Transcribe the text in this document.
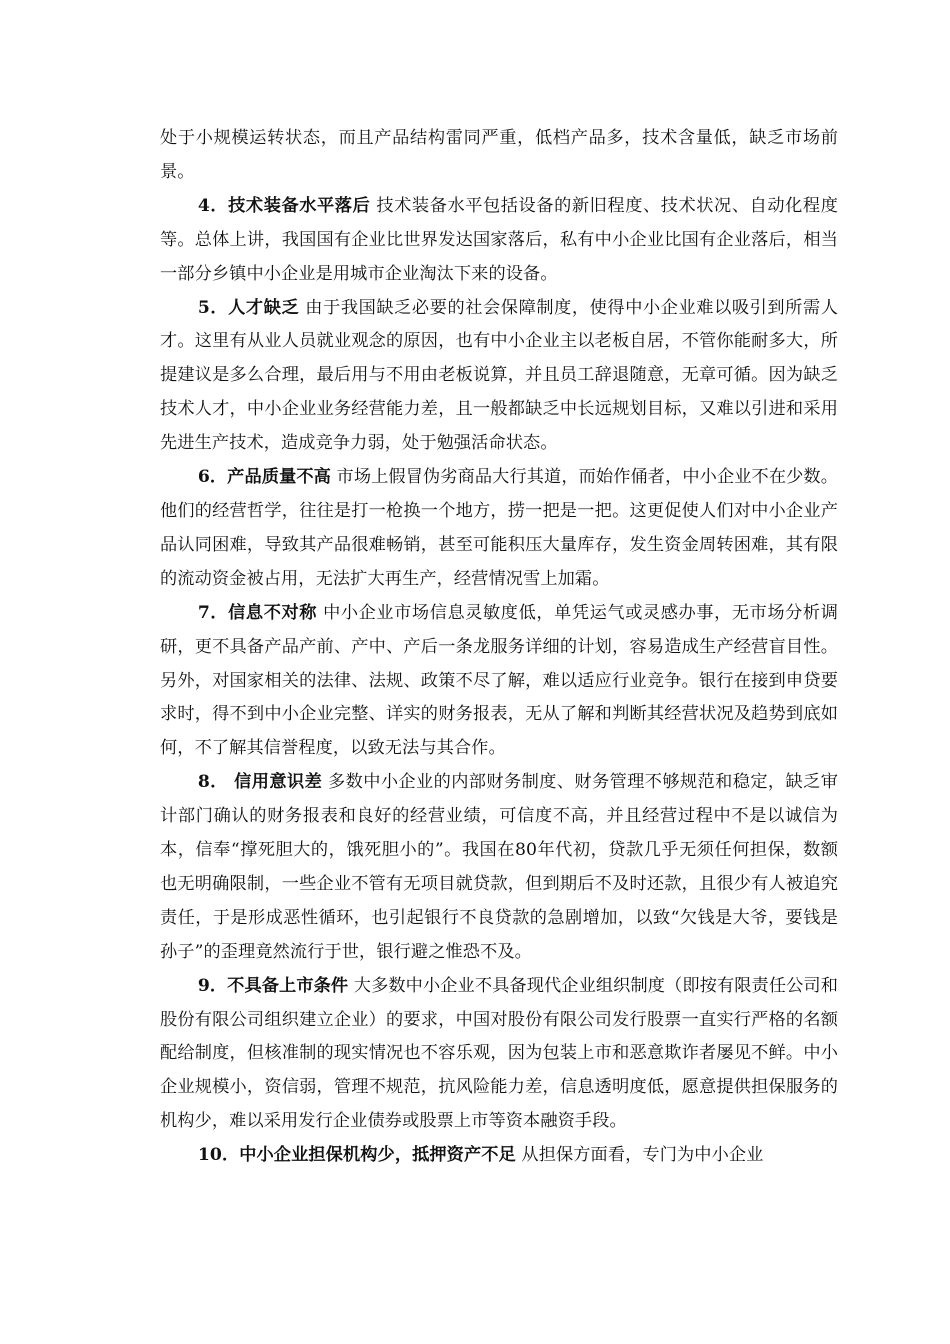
处于小规模运转状态，而且产品结构雷同严重，低档产品多，技术含量低，缺乏市场前景。

4．技术装备水平落后 技术装备水平包括设备的新旧程度、技术状况、自动化程度等。总体上讲，我国国有企业比世界发达国家落后，私有中小企业比国有企业落后，相当一部分乡镇中小企业是用城市企业淘汰下来的设备。

5．人才缺乏 由于我国缺乏必要的社会保障制度，使得中小企业难以吸引到所需人才。这里有从业人员就业观念的原因，也有中小企业主以老板自居，不管你能耐多大，所提建议是多么合理，最后用与不用由老板说算，并且员工辞退随意，无章可循。因为缺乏技术人才，中小企业业务经营能力差，且一般都缺乏中长远规划目标，又难以引进和采用先进生产技术，造成竞争力弱，处于勉强活命状态。

6．产品质量不高 市场上假冒伪劣商品大行其道，而始作俑者，中小企业不在少数。他们的经营哲学，往往是打一枪换一个地方，捞一把是一把。这更促使人们对中小企业产品认同困难，导致其产品很难畅销，甚至可能积压大量库存，发生资金周转困难，其有限的流动资金被占用，无法扩大再生产，经营情况雪上加霜。

7．信息不对称 中小企业市场信息灵敏度低，单凭运气或灵感办事，无市场分析调研，更不具备产品产前、产中、产后一条龙服务详细的计划，容易造成生产经营盲目性。另外，对国家相关的法律、法规、政策不尽了解，难以适应行业竞争。银行在接到申贷要求时，得不到中小企业完整、详实的财务报表，无从了解和判断其经营状况及趋势到底如何，不了解其信誉程度，以致无法与其合作。

8． 信用意识差 多数中小企业的内部财务制度、财务管理不够规范和稳定，缺乏审计部门确认的财务报表和良好的经营业绩，可信度不高，并且经营过程中不是以诚信为本，信奉“撑死胆大的，饿死胆小的”。我国在80年代初，贷款几乎无须任何担保，数额也无明确限制，一些企业不管有无项目就贷款，但到期后不及时还款，且很少有人被追究责任，于是形成恶性循环，也引起银行不良贷款的急剧增加，以致“欠钱是大爷，要钱是孙子”的歪理竟然流行于世，银行避之惟恐不及。

9．不具备上市条件 大多数中小企业不具备现代企业组织制度（即按有限责任公司和股份有限公司组织建立企业）的要求，中国对股份有限公司发行股票一直实行严格的名额配给制度，但核准制的现实情况也不容乐观，因为包装上市和恶意欺诈者屡见不鲜。中小企业规模小，资信弱，管理不规范，抗风险能力差，信息透明度低，愿意提供担保服务的机构少，难以采用发行企业债券或股票上市等资本融资手段。

10．中小企业担保机构少，抵押资产不足 从担保方面看，专门为中小企业
